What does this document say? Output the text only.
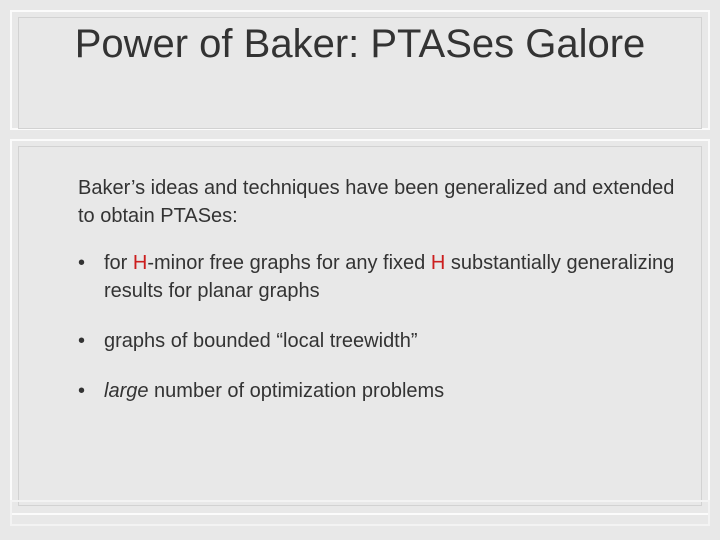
Power of Baker: PTASes Galore

Baker’s ideas and techniques have been generalized and extended to obtain PTASes:

• for H-minor free graphs for any fixed H substantially generalizing results for planar graphs
• graphs of bounded “local treewidth”
• large number of optimization problems
